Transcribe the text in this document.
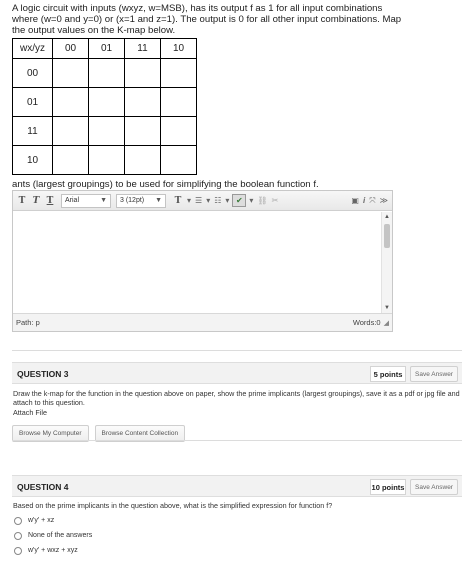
A logic circuit with inputs (wxyz, w=MSB), has its output f as 1 for all input combinations where (w=0 and y=0) or (x=1 and z=1). The output is 0 for all other input combinations. Map the output values on the K-map below.
wx/yz	00	01	11	10
00				
01				
11				
10				
ants (largest groupings) to be used for simplifying the boolean function f.
T T T	Arial	▼ 3 (12pt) ▼ T ▾ ☰ ▾ ☷ ▾ ✔ ▾ ⛓ ✂	▣ i ⤧ ≫
▲
▼
Path: p	Words:0 ◢
QUESTION 3	5 points	Save Answer
Draw the k-map for the function in the question above on paper, show the prime implicants (largest groupings), save it as a pdf or jpg file and attach to this question.
Attach File
Browse My Computer	Browse Content Collection
QUESTION 4	10 points	Save Answer
Based on the prime implicants in the question above, what is the simplified expression for function f?
w'y' + xz
None of the answers
w'y' + wxz + xyz
